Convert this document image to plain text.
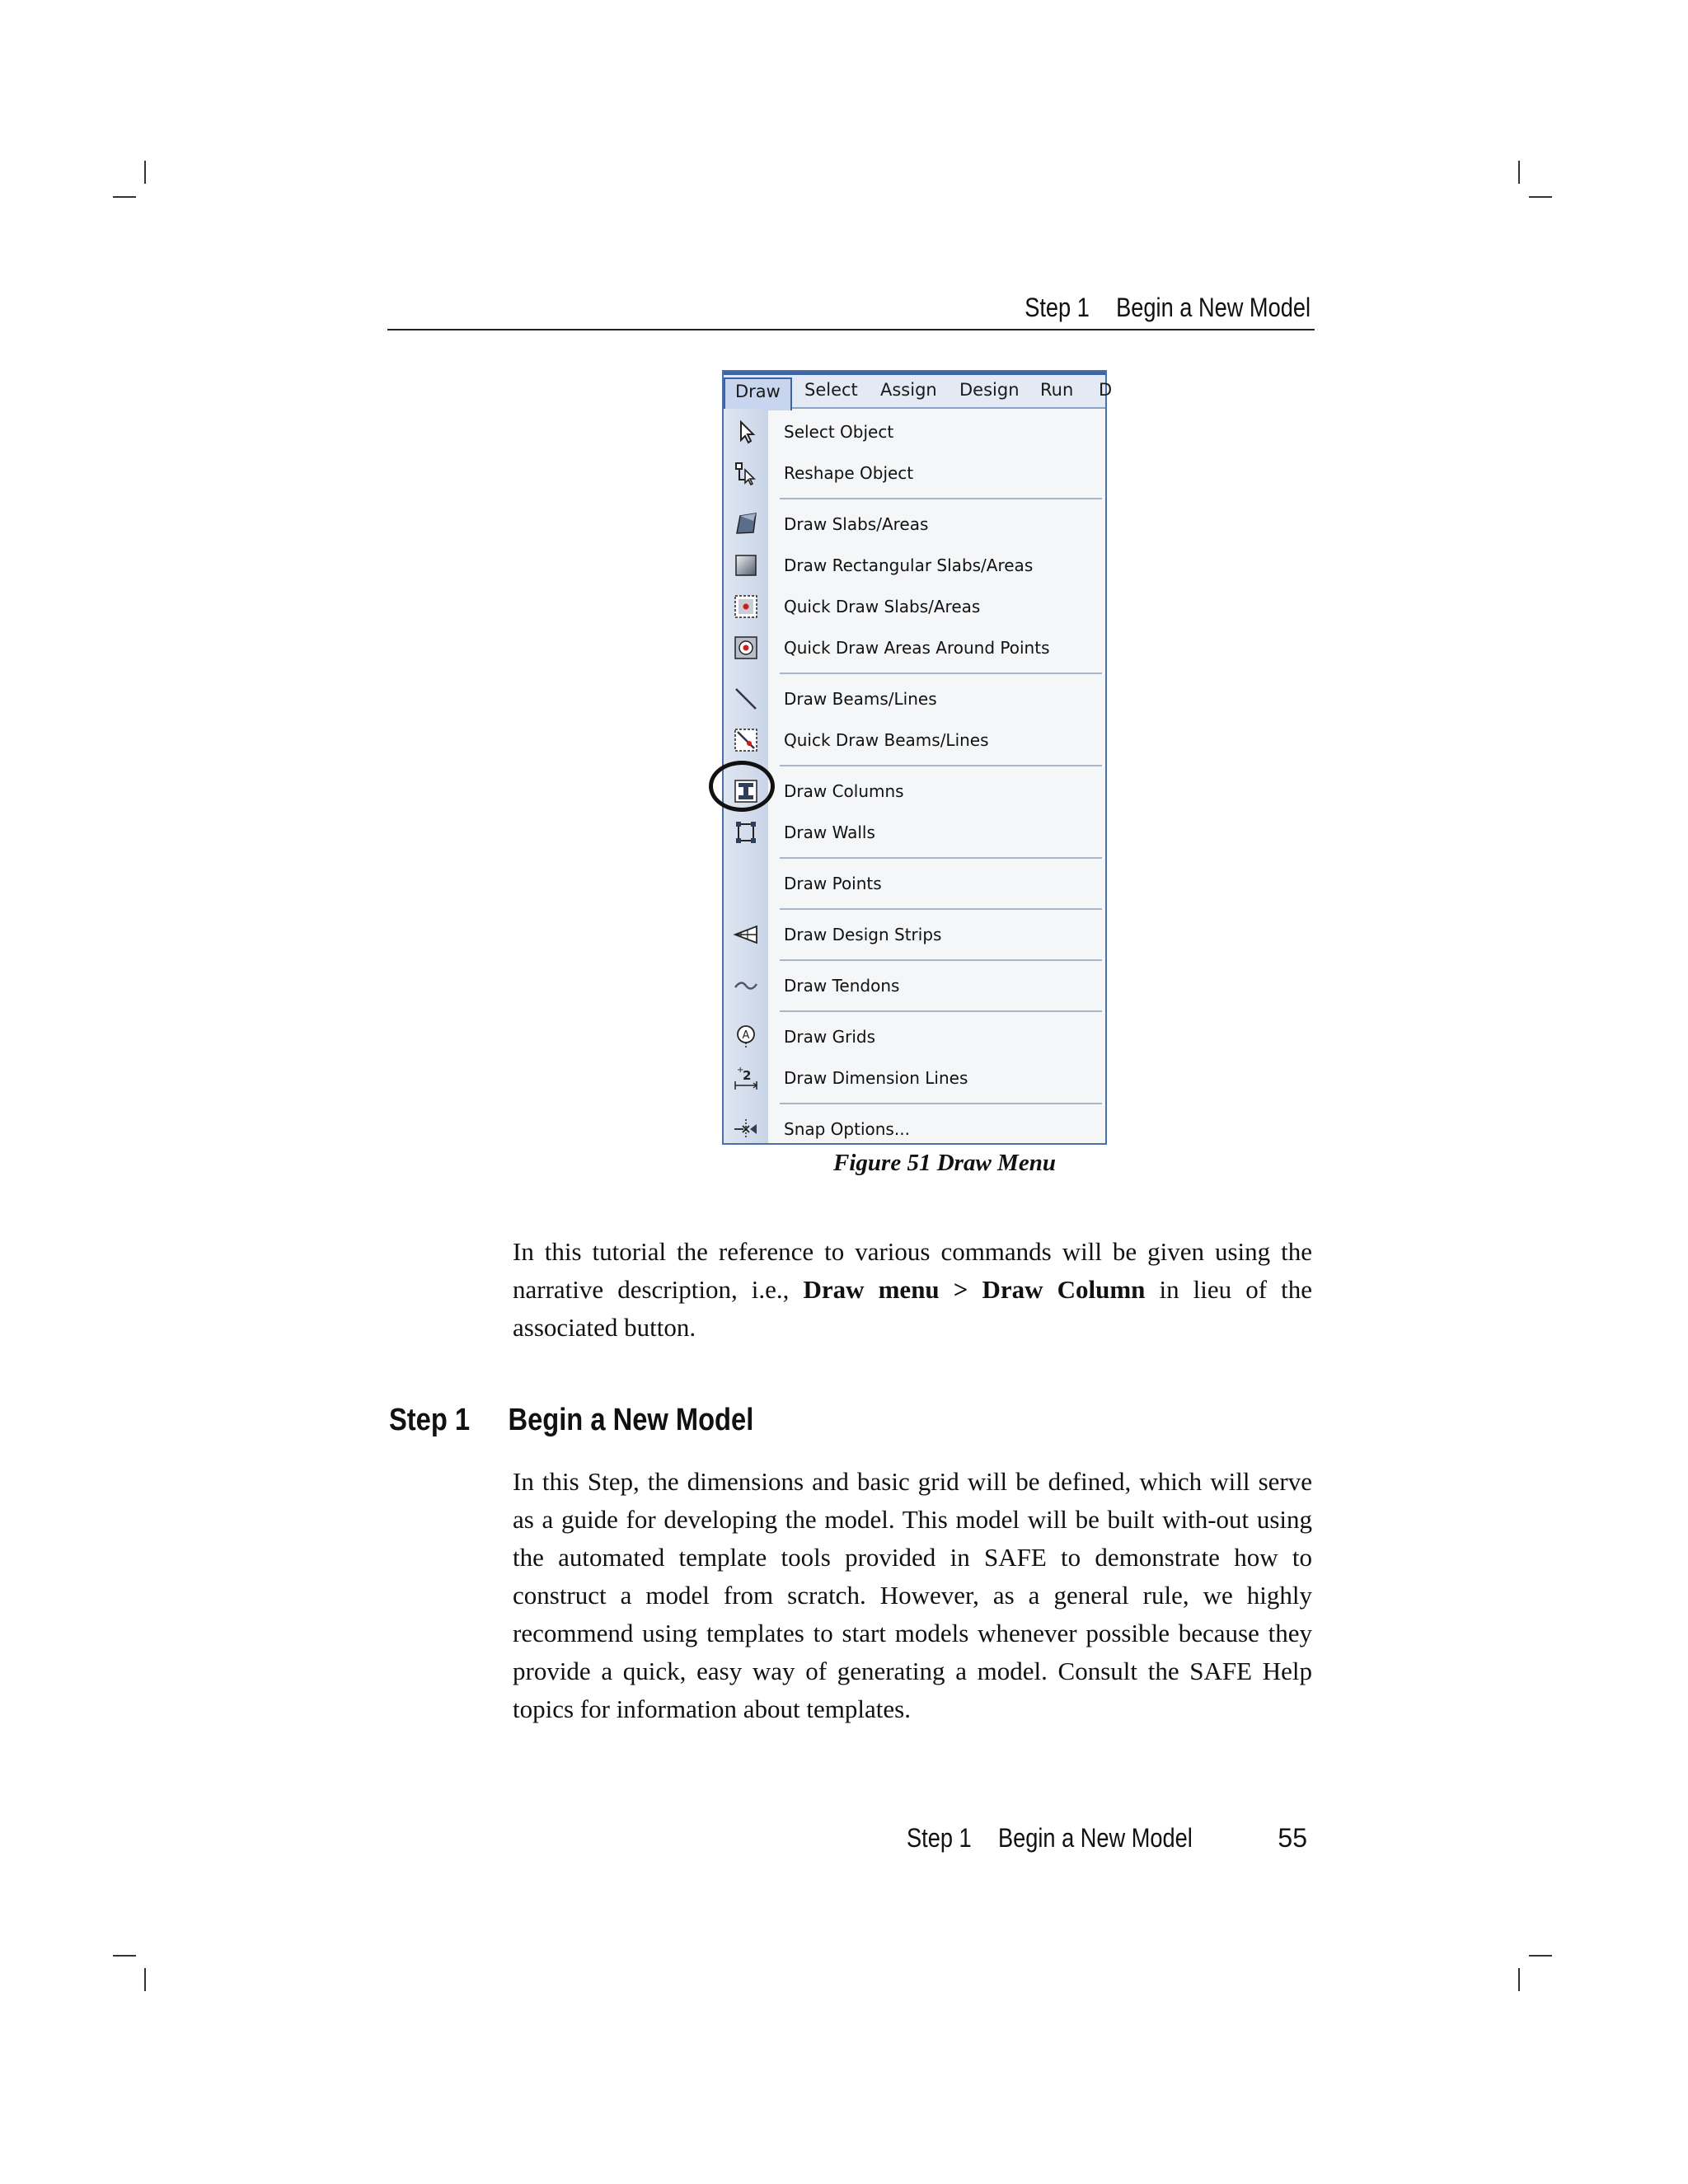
Step 1 Begin a New Model
Draw	Select Assign Design Run D
Select Object
Reshape Object
Draw Slabs/Areas
Draw Rectangular Slabs/Areas
Quick Draw Slabs/Areas
Quick Draw Areas Around Points
Draw Beams/Lines
Quick Draw Beams/Lines
Draw Columns
Draw Walls
Draw Points
Draw Design Strips
Draw Tendons
A Draw Grids
+
2 Draw Dimension Lines
Snap Options...
Figure 51 Draw Menu

In this tutorial the reference to various commands will be given using the narrative description, i.e., Draw menu > Draw Column in lieu of the associated button.

Step 1 Begin a New Model

In this Step, the dimensions and basic grid will be defined, which will serve as a guide for developing the model. This model will be built with-out using the automated template tools provided in SAFE to demonstrate how to construct a model from scratch. However, as a general rule, we highly recommend using templates to start models whenever possible because they provide a quick, easy way of generating a model. Consult the SAFE Help topics for information about templates.

Step 1 Begin a New Model	55
